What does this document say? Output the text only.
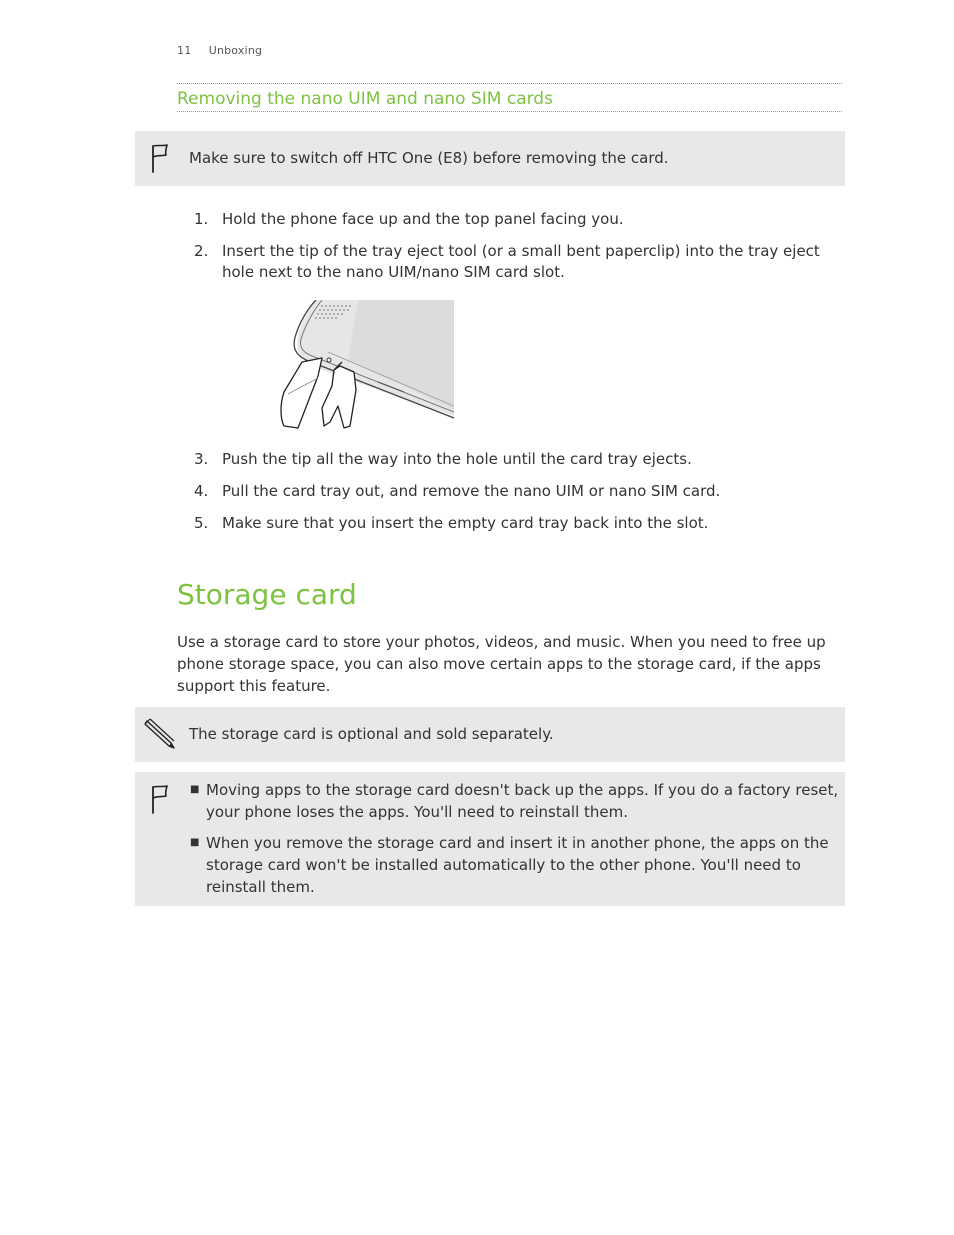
11 Unboxing
Removing the nano UIM and nano SIM cards
Make sure to switch off HTC One (E8) before removing the card.
1. Hold the phone face up and the top panel facing you.
2. Insert the tip of the tray eject tool (or a small bent paperclip) into the tray eject hole next to the nano UIM/nano SIM card slot.
3. Push the tip all the way into the hole until the card tray ejects.
4. Pull the card tray out, and remove the nano UIM or nano SIM card.
5. Make sure that you insert the empty card tray back into the slot.
Storage card

Use a storage card to store your photos, videos, and music. When you need to free up phone storage space, you can also move certain apps to the storage card, if the apps support this feature.

The storage card is optional and sold separately.
■ Moving apps to the storage card doesn't back up the apps. If you do a factory reset, your phone loses the apps. You'll need to reinstall them.
■ When you remove the storage card and insert it in another phone, the apps on the storage card won't be installed automatically to the other phone. You'll need to reinstall them.
